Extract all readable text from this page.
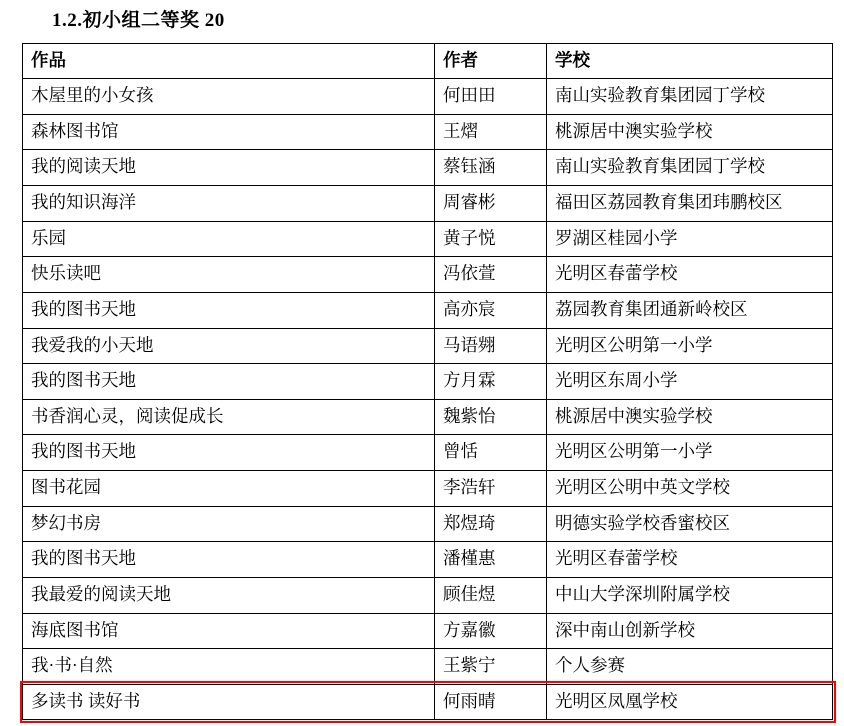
1.2.初小组二等奖 20
作品	作者	学校
木屋里的小女孩	何田田	南山实验教育集团园丁学校
森林图书馆	王熠	桃源居中澳实验学校
我的阅读天地	蔡钰涵	南山实验教育集团园丁学校
我的知识海洋	周睿彬	福田区荔园教育集团玮鹏校区
乐园	黄子悦	罗湖区桂园小学
快乐读吧	冯依萱	光明区春蕾学校
我的图书天地	高亦宸	荔园教育集团通新岭校区
我爱我的小天地	马语翙	光明区公明第一小学
我的图书天地	方月霖	光明区东周小学
书香润心灵，阅读促成长	魏紫怡	桃源居中澳实验学校
我的图书天地	曾恬	光明区公明第一小学
图书花园	李浩轩	光明区公明中英文学校
梦幻书房	郑煜琦	明德实验学校香蜜校区
我的图书天地	潘槿惠	光明区春蕾学校
我最爱的阅读天地	顾佳煜	中山大学深圳附属学校
海底图书馆	方嘉徽	深中南山创新学校
我·书·自然	王紫宁	个人参赛
多读书 读好书	何雨晴	光明区凤凰学校
